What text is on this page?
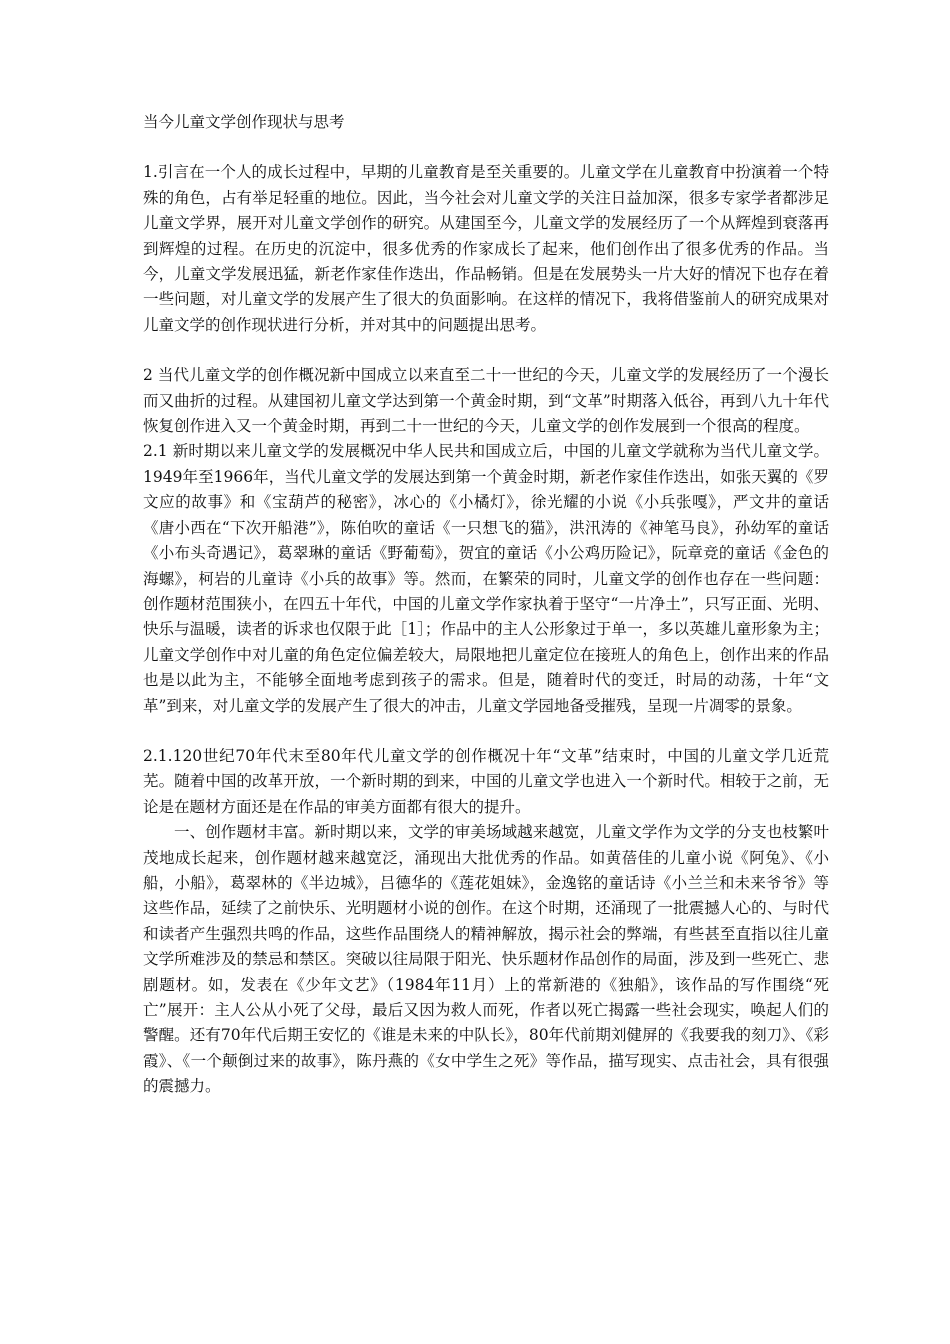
当今儿童文学创作现状与思考

1.引言在一个人的成长过程中，早期的儿童教育是至关重要的。儿童文学在儿童教育中扮演着一个特殊的角色，占有举足轻重的地位。因此，当今社会对儿童文学的关注日益加深，很多专家学者都涉足儿童文学界，展开对儿童文学创作的研究。从建国至今，儿童文学的发展经历了一个从辉煌到衰落再到辉煌的过程。在历史的沉淀中，很多优秀的作家成长了起来，他们创作出了很多优秀的作品。当今，儿童文学发展迅猛，新老作家佳作迭出，作品畅销。但是在发展势头一片大好的情况下也存在着一些问题，对儿童文学的发展产生了很大的负面影响。在这样的情况下，我将借鉴前人的研究成果对儿童文学的创作现状进行分析，并对其中的问题提出思考。

2 当代儿童文学的创作概况新中国成立以来直至二十一世纪的今天，儿童文学的发展经历了一个漫长而又曲折的过程。从建国初儿童文学达到第一个黄金时期，到“文革”时期落入低谷，再到八九十年代恢复创作进入又一个黄金时期，再到二十一世纪的今天，儿童文学的创作发展到一个很高的程度。

2.1 新时期以来儿童文学的发展概况中华人民共和国成立后，中国的儿童文学就称为当代儿童文学。1949年至1966年，当代儿童文学的发展达到第一个黄金时期，新老作家佳作迭出，如张天翼的《罗文应的故事》和《宝葫芦的秘密》，冰心的《小橘灯》，徐光耀的小说《小兵张嘎》，严文井的童话《唐小西在“下次开船港”》，陈伯吹的童话《一只想飞的猫》，洪汛涛的《神笔马良》，孙幼军的童话《小布头奇遇记》，葛翠琳的童话《野葡萄》，贺宜的童话《小公鸡历险记》，阮章竞的童话《金色的海螺》，柯岩的儿童诗《小兵的故事》等。然而，在繁荣的同时，儿童文学的创作也存在一些问题：创作题材范围狭小，在四五十年代，中国的儿童文学作家执着于坚守“一片净土”，只写正面、光明、快乐与温暖，读者的诉求也仅限于此［1］；作品中的主人公形象过于单一，多以英雄儿童形象为主；儿童文学创作中对儿童的角色定位偏差较大，局限地把儿童定位在接班人的角色上，创作出来的作品也是以此为主，不能够全面地考虑到孩子的需求。但是，随着时代的变迁，时局的动荡，十年“文革”到来，对儿童文学的发展产生了很大的冲击，儿童文学园地备受摧残，呈现一片凋零的景象。

2.1.120世纪70年代末至80年代儿童文学的创作概况十年“文革”结束时，中国的儿童文学几近荒芜。随着中国的改革开放，一个新时期的到来，中国的儿童文学也进入一个新时代。相较于之前，无论是在题材方面还是在作品的审美方面都有很大的提升。

一、创作题材丰富。新时期以来，文学的审美场域越来越宽，儿童文学作为文学的分支也枝繁叶茂地成长起来，创作题材越来越宽泛，涌现出大批优秀的作品。如黄蓓佳的儿童小说《阿兔》、《小船，小船》，葛翠林的《半边城》，吕德华的《莲花姐妹》，金逸铭的童话诗《小兰兰和未来爷爷》等这些作品，延续了之前快乐、光明题材小说的创作。在这个时期，还涌现了一批震撼人心的、与时代和读者产生强烈共鸣的作品，这些作品围绕人的精神解放，揭示社会的弊端，有些甚至直指以往儿童文学所难涉及的禁忌和禁区。突破以往局限于阳光、快乐题材作品创作的局面，涉及到一些死亡、悲剧题材。如，发表在《少年文艺》（1984年11月）上的常新港的《独船》，该作品的写作围绕“死亡”展开：主人公从小死了父母，最后又因为救人而死，作者以死亡揭露一些社会现实，唤起人们的警醒。还有70年代后期王安忆的《谁是未来的中队长》，80年代前期刘健屏的《我要我的刻刀》、《彩霞》、《一个颠倒过来的故事》，陈丹燕的《女中学生之死》等作品，描写现实、点击社会，具有很强的震撼力。
